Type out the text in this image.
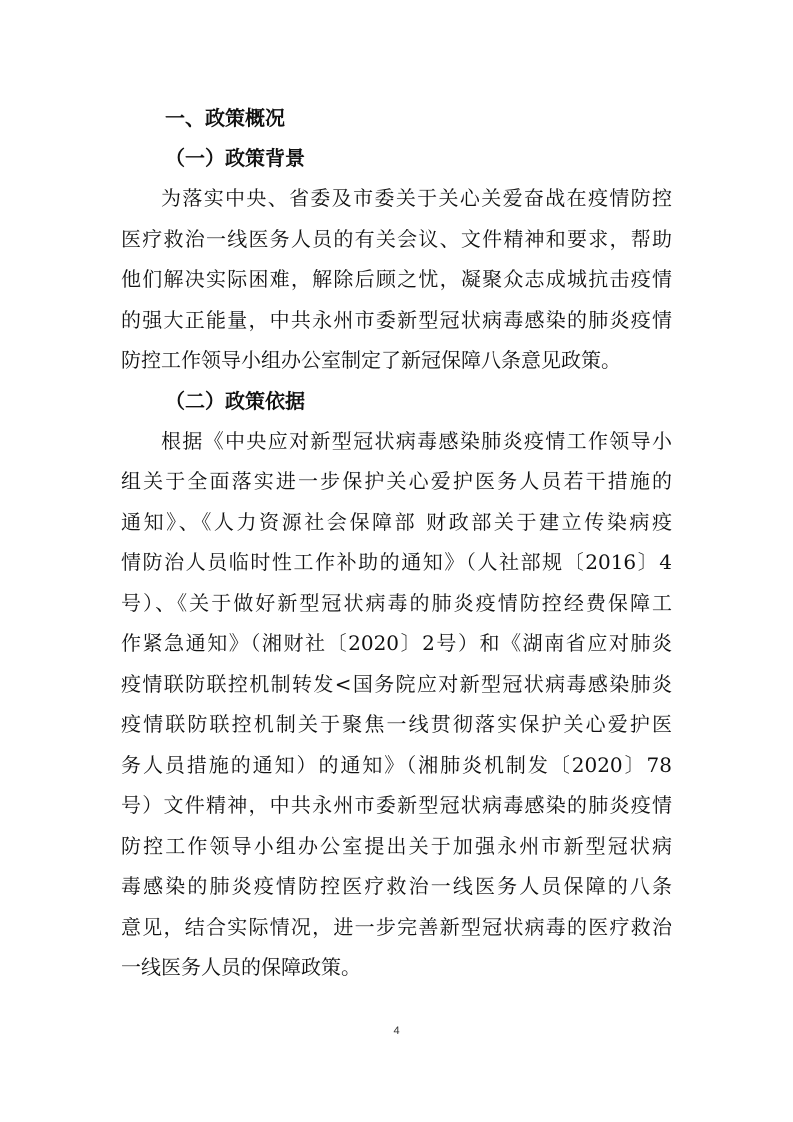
一、政策概况
（一）政策背景
为落实中央、省委及市委关于关心关爱奋战在疫情防控
医疗救治一线医务人员的有关会议、文件精神和要求，帮助
他们解决实际困难，解除后顾之忧，凝聚众志成城抗击疫情
的强大正能量，中共永州市委新型冠状病毒感染的肺炎疫情
防控工作领导小组办公室制定了新冠保障八条意见政策。
（二）政策依据
根据《中央应对新型冠状病毒感染肺炎疫情工作领导小
组关于全面落实进一步保护关心爱护医务人员若干措施的
通知》、《人力资源社会保障部 财政部关于建立传染病疫
情防治人员临时性工作补助的通知》（人社部规〔2016〕4
号）、《关于做好新型冠状病毒的肺炎疫情防控经费保障工
作紧急通知》（湘财社〔2020〕2号）和《湖南省应对肺炎
疫情联防联控机制转发<国务院应对新型冠状病毒感染肺炎
疫情联防联控机制关于聚焦一线贯彻落实保护关心爱护医
务人员措施的通知）的通知》（湘肺炎机制发〔2020〕78
号）文件精神，中共永州市委新型冠状病毒感染的肺炎疫情
防控工作领导小组办公室提出关于加强永州市新型冠状病
毒感染的肺炎疫情防控医疗救治一线医务人员保障的八条
意见，结合实际情况，进一步完善新型冠状病毒的医疗救治
一线医务人员的保障政策。
4
